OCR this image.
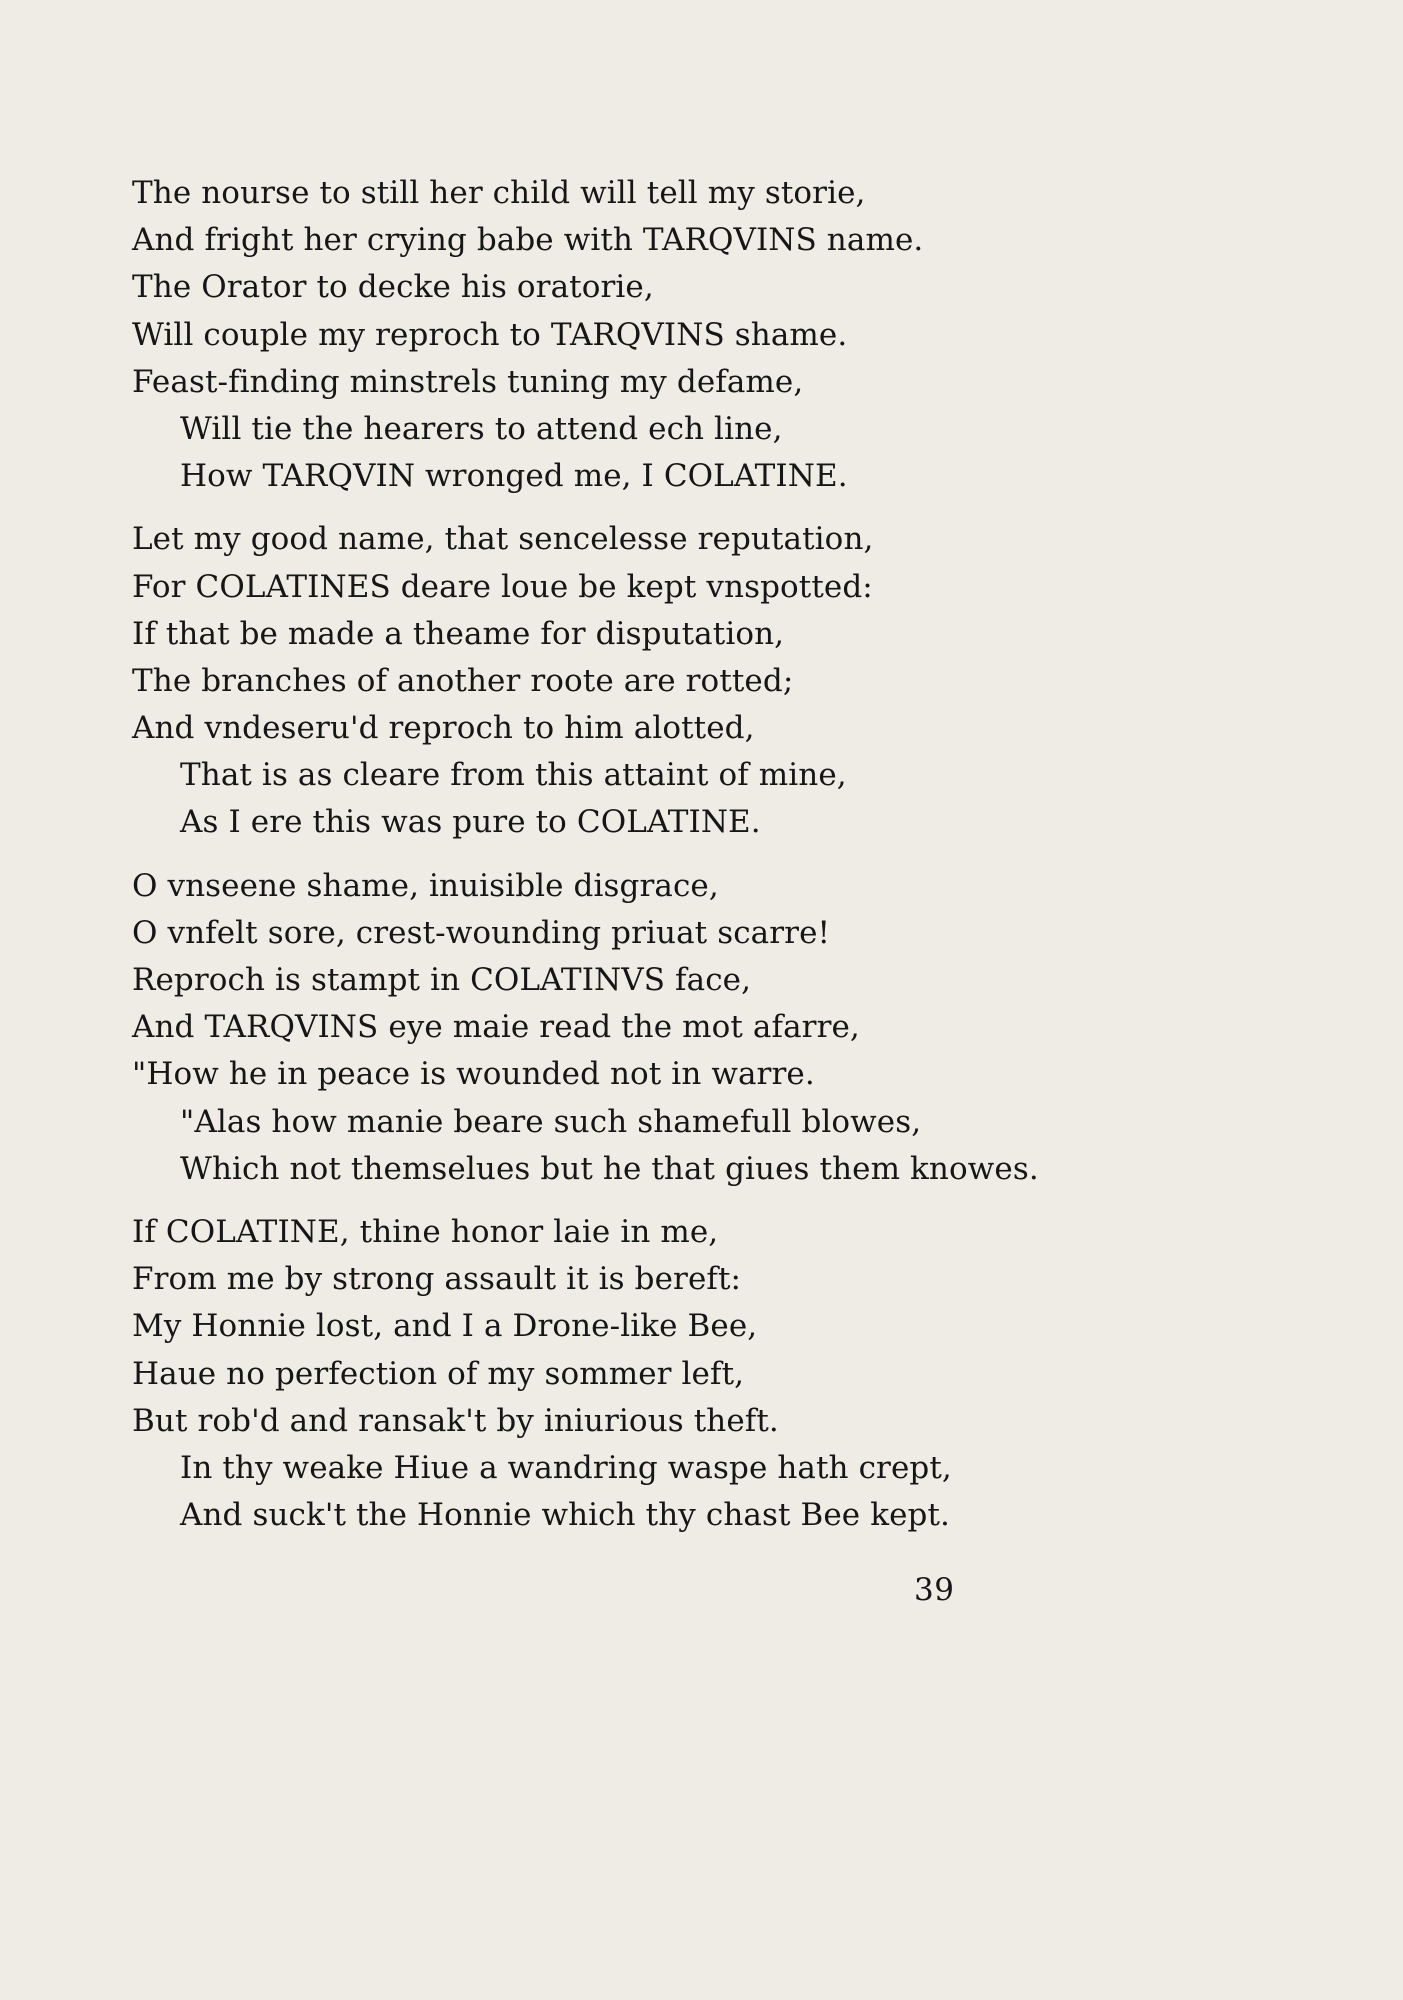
The nourse to still her child will tell my storie,
And fright her crying babe with TARQVINS name.
The Orator to decke his oratorie,
Will couple my reproch to TARQVINS shame.
Feast-finding minstrels tuning my defame,
Will tie the hearers to attend ech line,
How TARQVIN wronged me, I COLATINE.
Let my good name, that sencelesse reputation,
For COLATINES deare loue be kept vnspotted:
If that be made a theame for disputation,
The branches of another roote are rotted;
And vndeseru'd reproch to him alotted,
That is as cleare from this attaint of mine,
As I ere this was pure to COLATINE.
O vnseene shame, inuisible disgrace,
O vnfelt sore, crest-wounding priuat scarre!
Reproch is stampt in COLATINVS face,
And TARQVINS eye maie read the mot afarre,
"How he in peace is wounded not in warre.
"Alas how manie beare such shamefull blowes,
Which not themselues but he that giues them knowes.
If COLATINE, thine honor laie in me,
From me by strong assault it is bereft:
My Honnie lost, and I a Drone-like Bee,
Haue no perfection of my sommer left,
But rob'd and ransak't by iniurious theft.
In thy weake Hiue a wandring waspe hath crept,
And suck't the Honnie which thy chast Bee kept.
39
